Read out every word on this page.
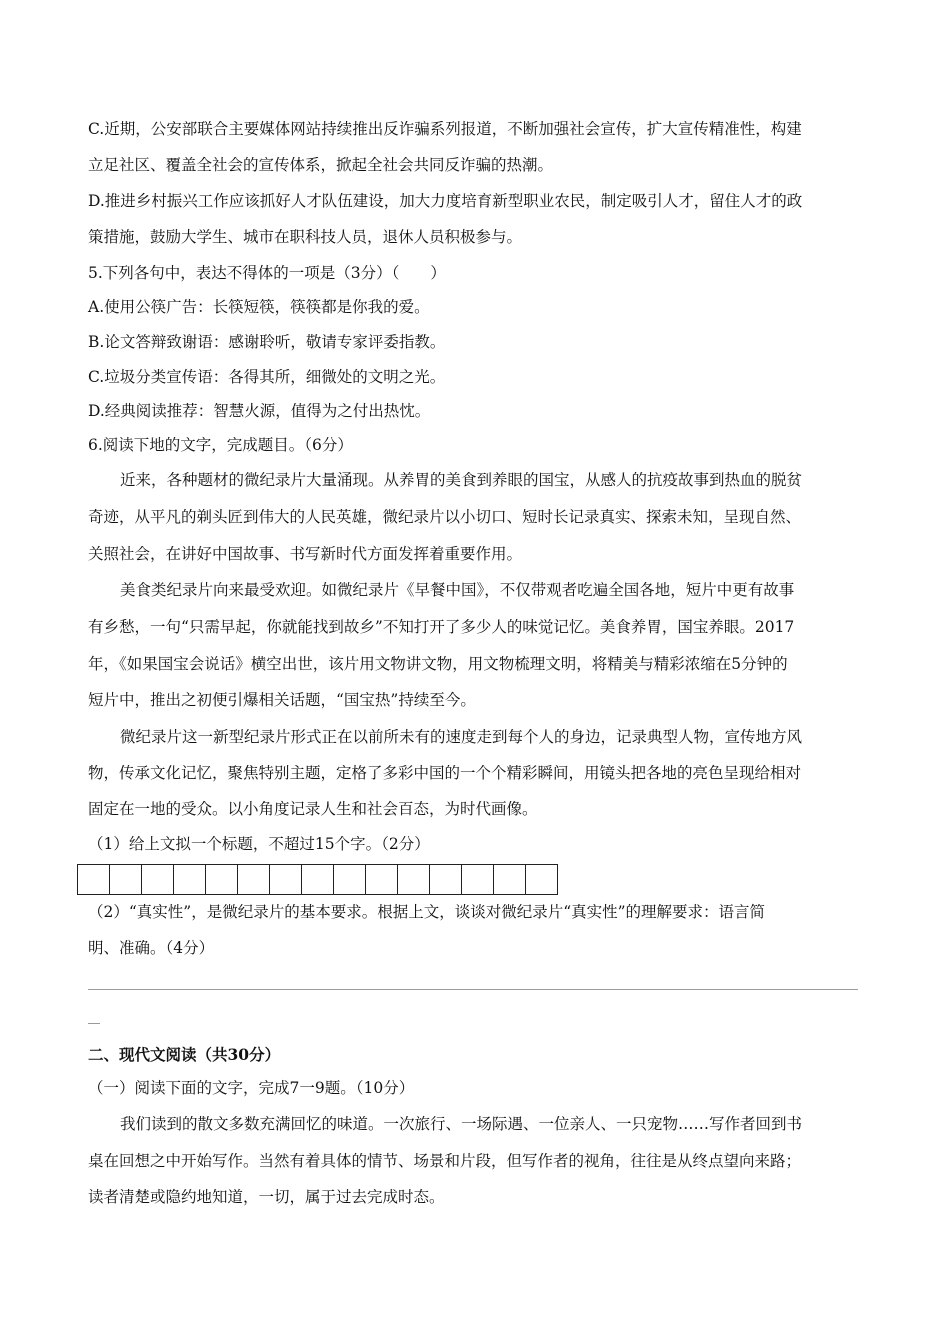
C.近期，公安部联合主要媒体网站持续推出反诈骗系列报道，不断加强社会宣传，扩大宣传精准性，构建
立足社区、覆盖全社会的宣传体系，掀起全社会共同反诈骗的热潮。
D.推进乡村振兴工作应该抓好人才队伍建设，加大力度培育新型职业农民，制定吸引人才，留住人才的政
策措施，鼓励大学生、城市在职科技人员，退休人员积极参与。
5.下列各句中，表达不得体的一项是（3分）（　　）
A.使用公筷广告：长筷短筷，筷筷都是你我的爱。
B.论文答辩致谢语：感谢聆听，敬请专家评委指教。
C.垃圾分类宣传语：各得其所，细微处的文明之光。
D.经典阅读推荐：智慧火源，值得为之付出热忱。
6.阅读下地的文字，完成题目。（6分）
近来，各种题材的微纪录片大量涌现。从养胃的美食到养眼的国宝，从感人的抗疫故事到热血的脱贫
奇迹，从平凡的剃头匠到伟大的人民英雄，微纪录片以小切口、短时长记录真实、探索未知，呈现自然、
关照社会，在讲好中国故事、书写新时代方面发挥着重要作用。
美食类纪录片向来最受欢迎。如微纪录片《早餐中国》，不仅带观者吃遍全国各地，短片中更有故事
有乡愁，一句“只需早起，你就能找到故乡”不知打开了多少人的味觉记忆。美食养胃，国宝养眼。2017
年，《如果国宝会说话》横空出世，该片用文物讲文物，用文物梳理文明，将精美与精彩浓缩在5分钟的
短片中，推出之初便引爆相关话题，“国宝热”持续至今。
微纪录片这一新型纪录片形式正在以前所未有的速度走到每个人的身边，记录典型人物，宣传地方风
物，传承文化记忆，聚焦特别主题，定格了多彩中国的一个个精彩瞬间，用镜头把各地的亮色呈现给相对
固定在一地的受众。以小角度记录人生和社会百态，为时代画像。
（1）给上文拟一个标题，不超过15个字。（2分）
（2）“真实性”，是微纪录片的基本要求。根据上文，谈谈对微纪录片“真实性”的理解要求：语言简
明、准确。（4分）
二、现代文阅读（共30分）
（一）阅读下面的文字，完成7一9题。（10分）
我们读到的散文多数充满回忆的味道。一次旅行、一场际遇、一位亲人、一只宠物……写作者回到书
桌在回想之中开始写作。当然有着具体的情节、场景和片段，但写作者的视角，往往是从终点望向来路；
读者清楚或隐约地知道，一切，属于过去完成时态。
